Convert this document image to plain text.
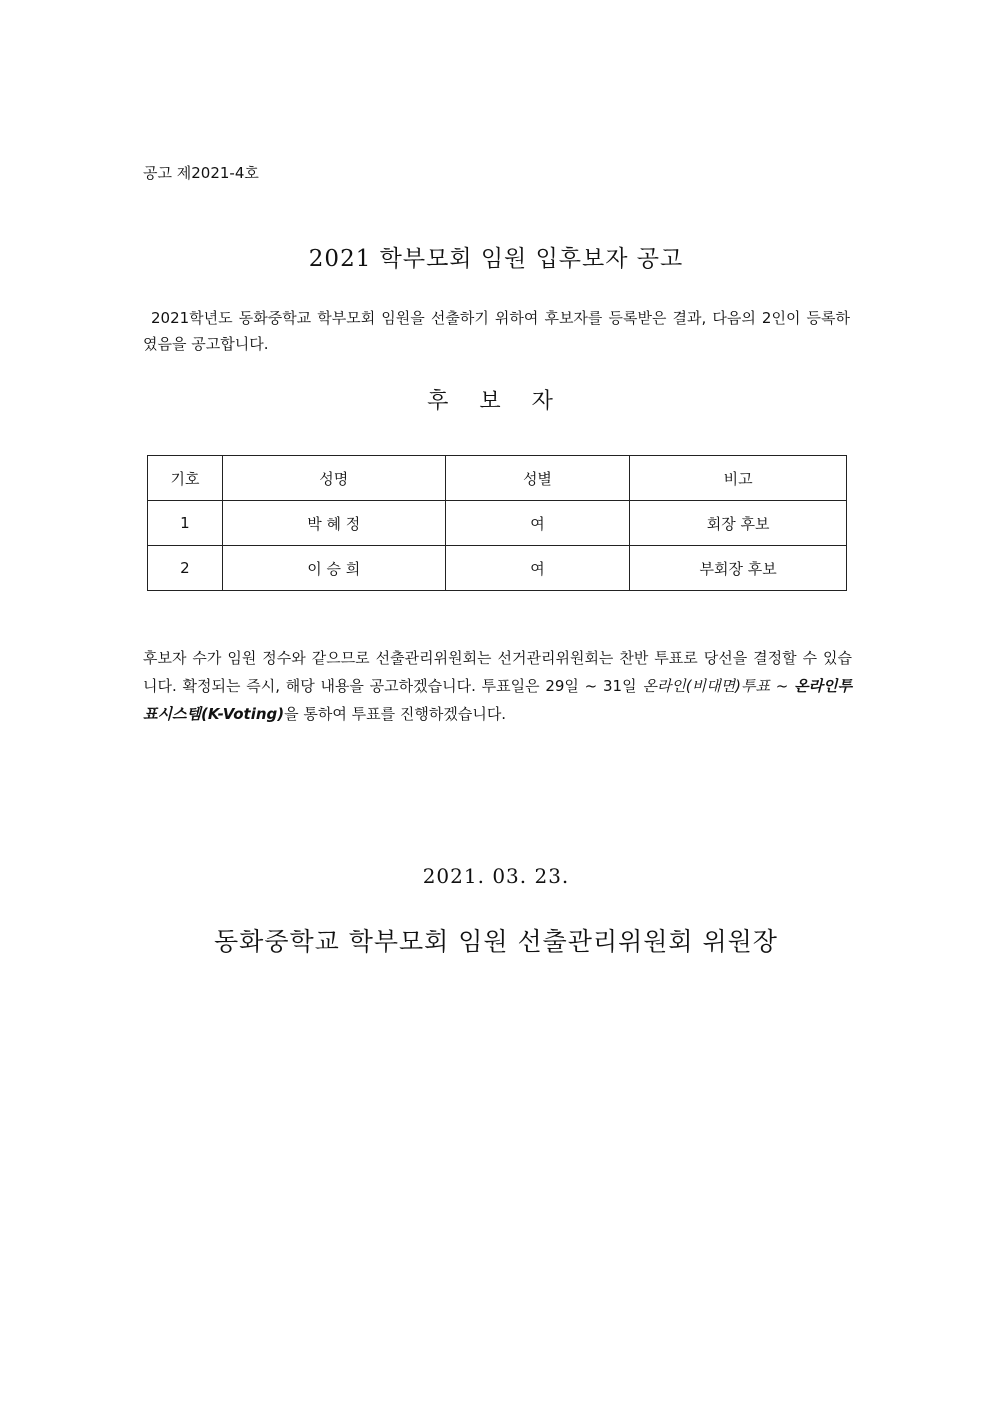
공고 제2021-4호
2021 학부모회 임원 입후보자 공고
2021학년도 동화중학교 학부모회 임원을 선출하기 위하여 후보자를 등록받은 결과, 다음의 2인이 등록하였음을 공고합니다.
후 보 자
기호	성명	성별	비고
1	박 혜 정	여	회장 후보
2	이 승 희	여	부회장 후보
후보자 수가 임원 정수와 같으므로 선출관리위원회는 선거관리위원회는 찬반 투표로 당선을 결정할 수 있습니다. 확정되는 즉시, 해당 내용을 공고하겠습니다. 투표일은 29일 ~ 31일 온라인(비대면)투표 ~ 온라인투표시스템(K-Voting)을 통하여 투표를 진행하겠습니다.
2021. 03. 23.
동화중학교 학부모회 임원 선출관리위원회 위원장
